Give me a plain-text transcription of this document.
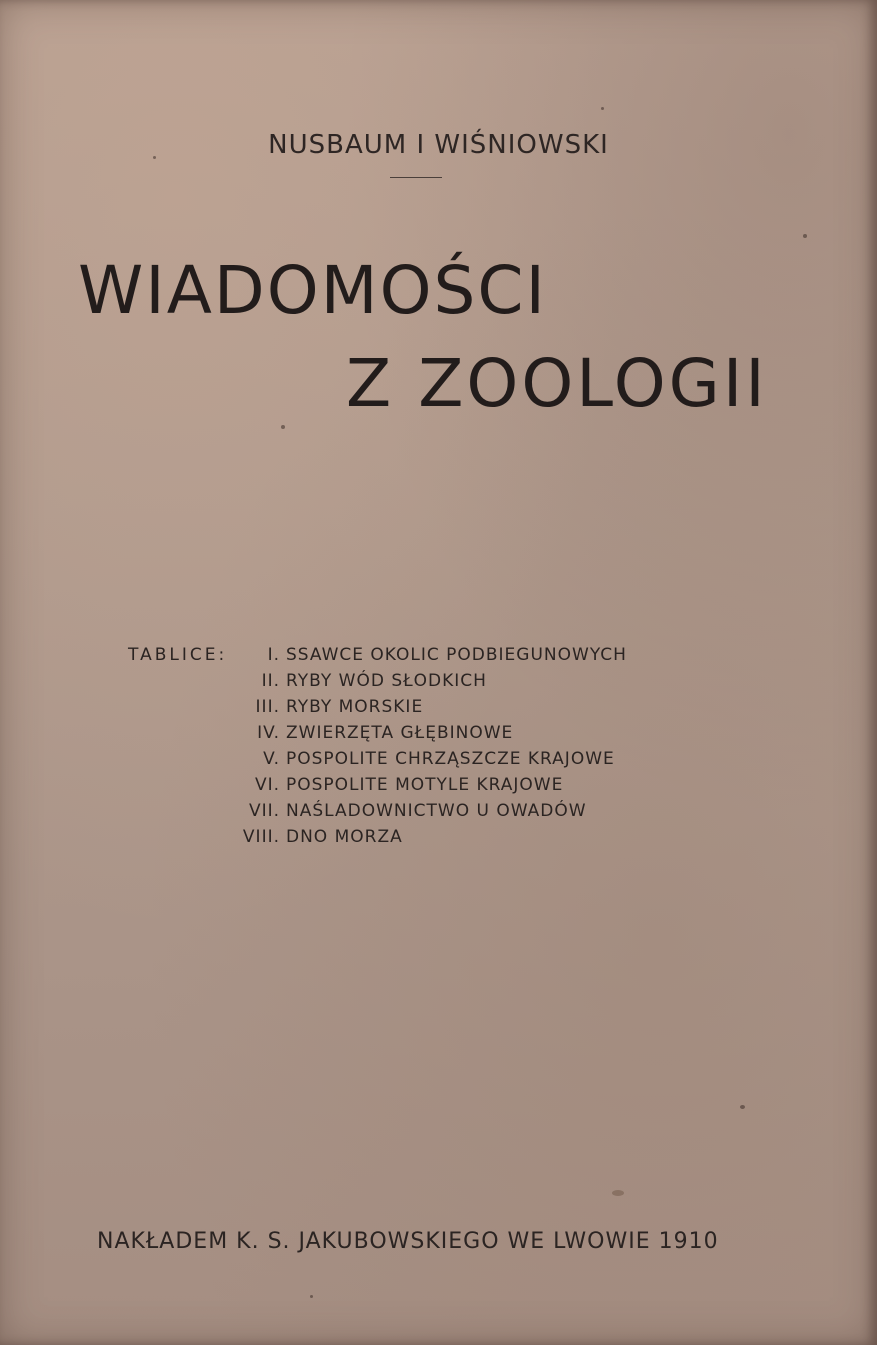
NUSBAUM I WIŚNIOWSKI
WIADOMOŚCI
Z ZOOLOGII
TABLICE:	I. SSAWCE OKOLIC PODBIEGUNOWYCH
II. RYBY WÓD SŁODKICH
III. RYBY MORSKIE
IV. ZWIERZĘTA GŁĘBINOWE
V. POSPOLITE CHRZĄSZCZE KRAJOWE
VI. POSPOLITE MOTYLE KRAJOWE
VII. NAŚLADOWNICTWO U OWADÓW
VIII. DNO MORZA
NAKŁADEM K. S. JAKUBOWSKIEGO WE LWOWIE 1910
